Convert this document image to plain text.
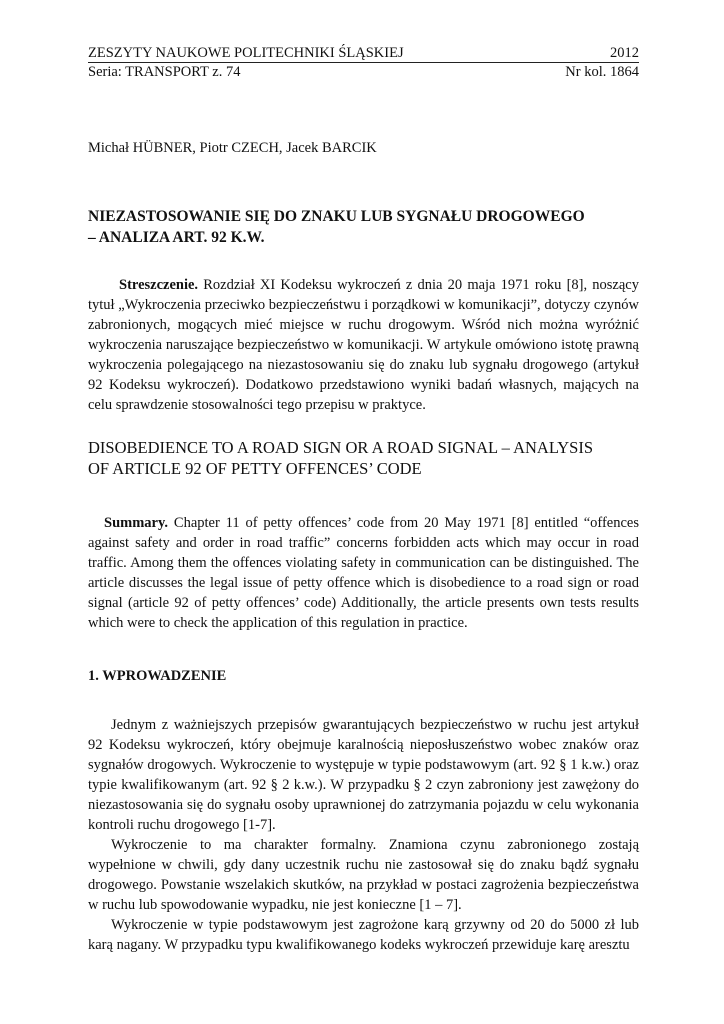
ZESZYTY NAUKOWE POLITECHNIKI ŚLĄSKIEJ	2012
Seria: TRANSPORT z. 74	Nr kol. 1864
Michał HÜBNER, Piotr CZECH, Jacek BARCIK
NIEZASTOSOWANIE SIĘ DO ZNAKU LUB SYGNAŁU DROGOWEGO
– ANALIZA ART. 92 K.W.
Streszczenie. Rozdział XI Kodeksu wykroczeń z dnia 20 maja 1971 roku [8], noszący tytuł „Wykroczenia przeciwko bezpieczeństwu i porządkowi w komunikacji”, dotyczy czynów zabronionych, mogących mieć miejsce w ruchu drogowym. Wśród nich można wyróżnić wykroczenia naruszające bezpieczeństwo w komunikacji. W artykule omówiono istotę prawną wykroczenia polegającego na niezastosowaniu się do znaku lub sygnału drogowego (artykuł 92 Kodeksu wykroczeń). Dodatkowo przedstawiono wyniki badań własnych, mających na celu sprawdzenie stosowalności tego przepisu w praktyce.
DISOBEDIENCE TO A ROAD SIGN OR A ROAD SIGNAL – ANALYSIS
OF ARTICLE 92 OF PETTY OFFENCES’ CODE
Summary. Chapter 11 of petty offences’ code from 20 May 1971 [8] entitled “offences against safety and order in road traffic” concerns forbidden acts which may occur in road traffic. Among them the offences violating safety in communication can be distinguished. The article discusses the legal issue of petty offence which is disobedience to a road sign or road signal (article 92 of petty offences’ code) Additionally, the article presents own tests results which were to check the application of this regulation in practice.
1. WPROWADZENIE

Jednym z ważniejszych przepisów gwarantujących bezpieczeństwo w ruchu jest artykuł 92 Kodeksu wykroczeń, który obejmuje karalnością nieposłuszeństwo wobec znaków oraz sygnałów drogowych. Wykroczenie to występuje w typie podstawowym (art. 92 § 1 k.w.) oraz typie kwalifikowanym (art. 92 § 2 k.w.). W przypadku § 2 czyn zabroniony jest zawężony do niezastosowania się do sygnału osoby uprawnionej do zatrzymania pojazdu w celu wykonania kontroli ruchu drogowego [1-7].

Wykroczenie to ma charakter formalny. Znamiona czynu zabronionego zostają wypełnione w chwili, gdy dany uczestnik ruchu nie zastosował się do znaku bądź sygnału drogowego. Powstanie wszelakich skutków, na przykład w postaci zagrożenia bezpieczeństwa w ruchu lub spowodowanie wypadku, nie jest konieczne [1 – 7].

Wykroczenie w typie podstawowym jest zagrożone karą grzywny od 20 do 5000 zł lub karą nagany. W przypadku typu kwalifikowanego kodeks wykroczeń przewiduje karę aresztu
